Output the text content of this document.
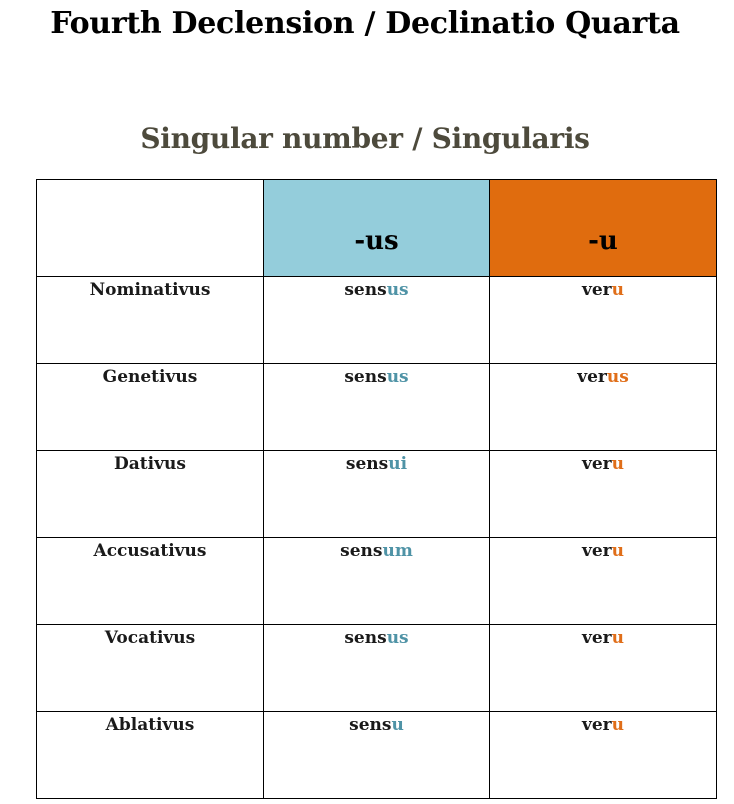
Fourth Declension / Declinatio Quarta
Singular number / Singularis
	-us	-u

Nominativus	sensus	veru

Genetivus	sensus	verus

Dativus	sensui	veru

Accusativus	sensum	veru

Vocativus	sensus	veru

Ablativus	sensu	veru
